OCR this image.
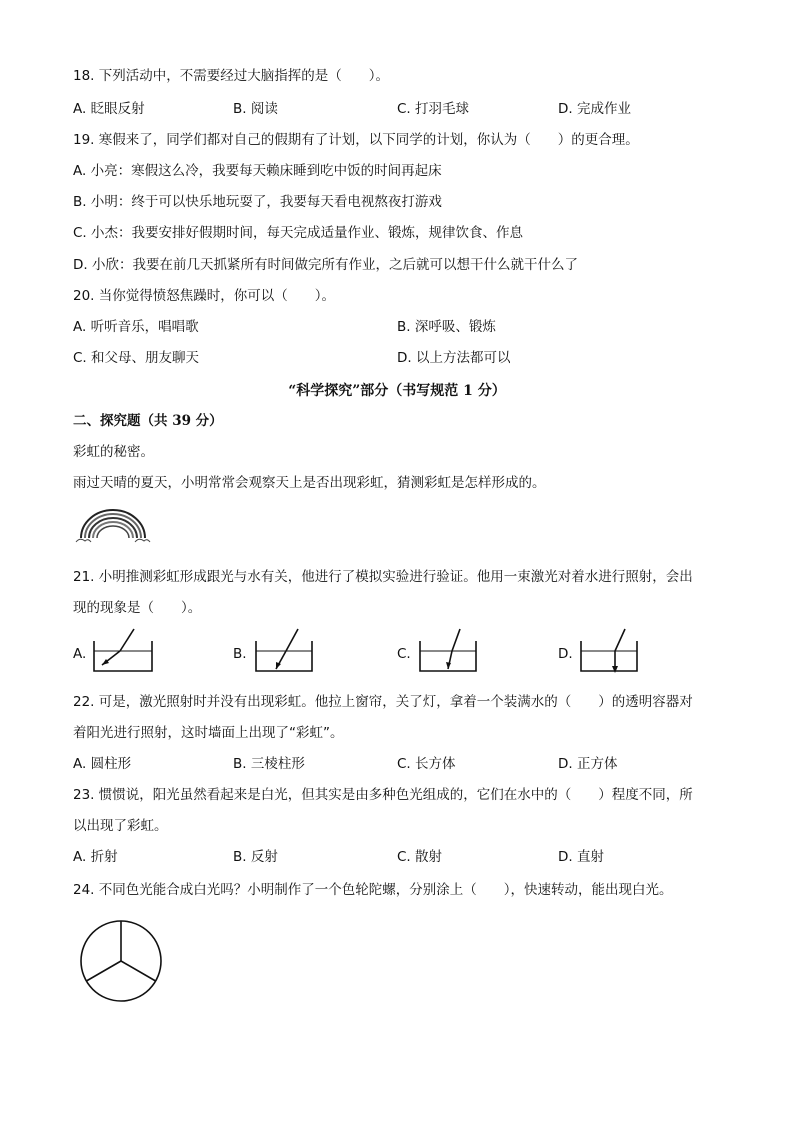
18. 下列活动中，不需要经过大脑指挥的是（　　）。
A. 眨眼反射	B. 阅读	C. 打羽毛球	D. 完成作业
19. 寒假来了，同学们都对自己的假期有了计划，以下同学的计划，你认为（　　）的更合理。
A. 小亮：寒假这么冷，我要每天赖床睡到吃中饭的时间再起床
B. 小明：终于可以快乐地玩耍了，我要每天看电视熬夜打游戏
C. 小杰：我要安排好假期时间，每天完成适量作业、锻炼，规律饮食、作息
D. 小欣：我要在前几天抓紧所有时间做完所有作业，之后就可以想干什么就干什么了
20. 当你觉得愤怒焦躁时，你可以（　　）。
A. 听听音乐，唱唱歌	B. 深呼吸、锻炼
C. 和父母、朋友聊天	D. 以上方法都可以
“科学探究”部分（书写规范 1 分）
二、探究题（共 39 分）
彩虹的秘密。
雨过天晴的夏天，小明常常会观察天上是否出现彩虹，猜测彩虹是怎样形成的。
21. 小明推测彩虹形成跟光与水有关，他进行了模拟实验进行验证。他用一束激光对着水进行照射，会出
现的现象是（　　）。
A.	B.	C.	D.
22. 可是，激光照射时并没有出现彩虹。他拉上窗帘，关了灯，拿着一个装满水的（　　）的透明容器对
着阳光进行照射，这时墙面上出现了“彩虹”。
A. 圆柱形	B. 三棱柱形	C. 长方体	D. 正方体
23. 惯惯说，阳光虽然看起来是白光，但其实是由多种色光组成的，它们在水中的（　　）程度不同，所
以出现了彩虹。
A. 折射	B. 反射	C. 散射	D. 直射
24. 不同色光能合成白光吗？小明制作了一个色轮陀螺，分别涂上（　　），快速转动，能出现白光。
